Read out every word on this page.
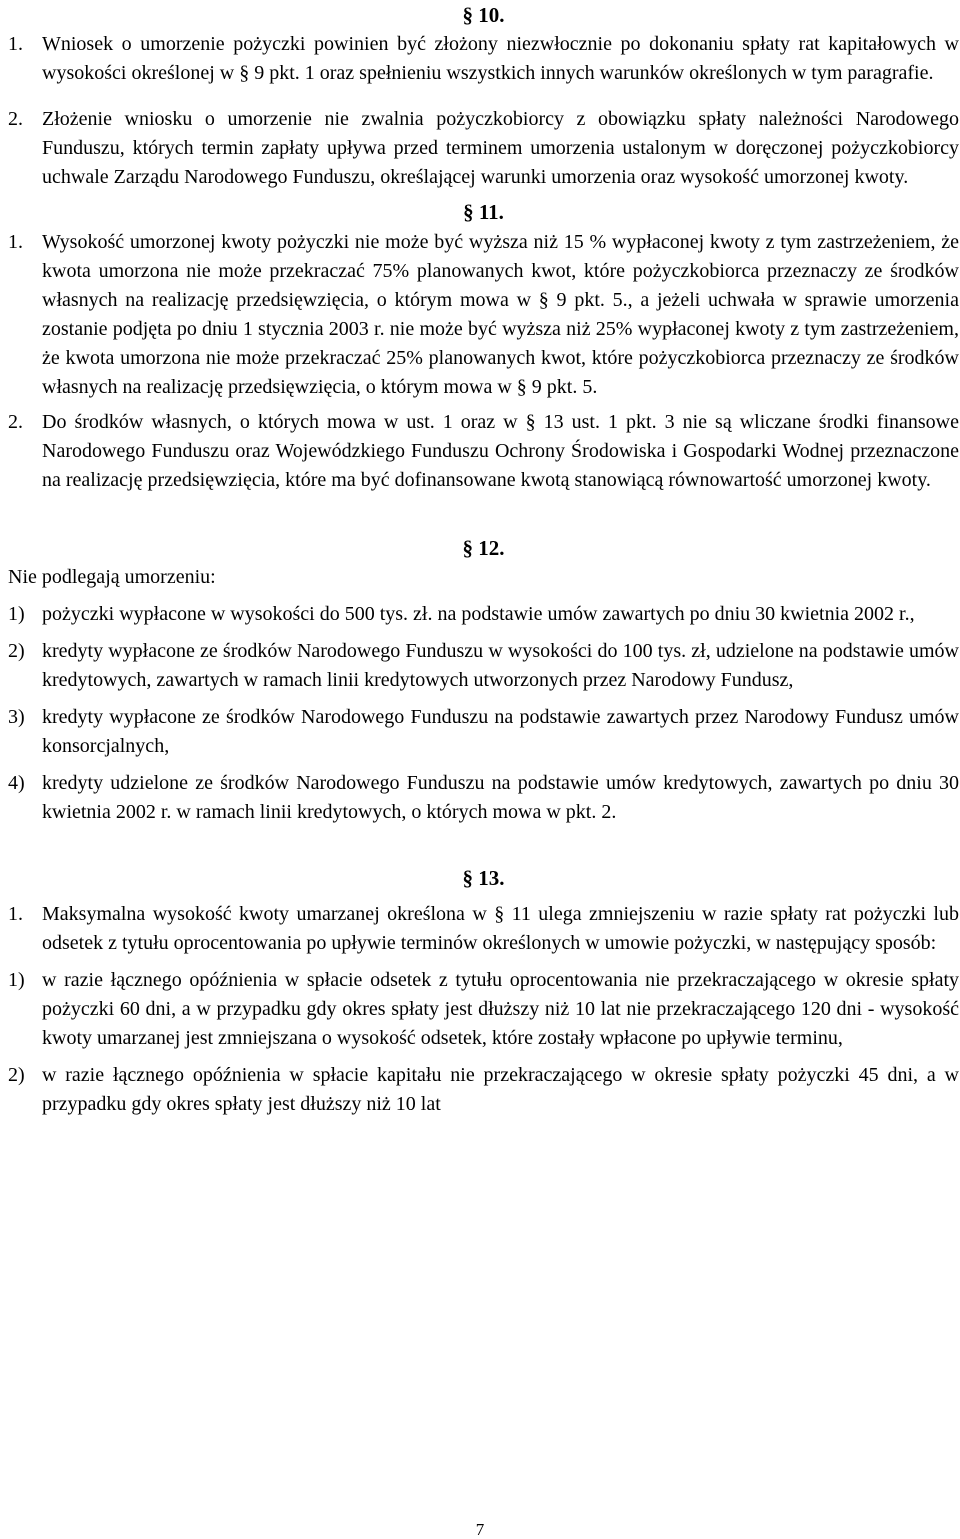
§ 10.
1. Wniosek o umorzenie pożyczki powinien być złożony niezwłocznie po dokonaniu spłaty rat kapitałowych w wysokości określonej w § 9 pkt. 1 oraz spełnieniu wszystkich innych warunków określonych w tym paragrafie.
2. Złożenie wniosku o umorzenie nie zwalnia pożyczkobiorcy z obowiązku spłaty należności Narodowego Funduszu, których termin zapłaty upływa przed terminem umorzenia ustalonym w doręczonej pożyczkobiorcy uchwale Zarządu Narodowego Funduszu, określającej warunki umorzenia oraz wysokość umorzonej kwoty.
§ 11.
1. Wysokość umorzonej kwoty pożyczki nie może być wyższa niż 15 % wypłaconej kwoty z tym zastrzeżeniem, że kwota umorzona nie może przekraczać 75% planowanych kwot, które pożyczkobiorca przeznaczy ze środków własnych na realizację przedsięwzięcia, o którym mowa w § 9 pkt. 5., a jeżeli uchwała w sprawie umorzenia zostanie podjęta po dniu 1 stycznia 2003 r. nie może być wyższa niż 25% wypłaconej kwoty z tym zastrzeżeniem, że kwota umorzona nie może przekraczać 25% planowanych kwot, które pożyczkobiorca przeznaczy ze środków własnych na realizację przedsięwzięcia, o którym mowa w § 9 pkt. 5.
2. Do środków własnych, o których mowa w ust. 1 oraz w § 13 ust. 1 pkt. 3 nie są wliczane środki finansowe Narodowego Funduszu oraz Wojewódzkiego Funduszu Ochrony Środowiska i Gospodarki Wodnej przeznaczone na realizację przedsięwzięcia, które ma być dofinansowane kwotą stanowiącą równowartość umorzonej kwoty.
§ 12.
Nie podlegają umorzeniu:
1) pożyczki wypłacone w wysokości do 500 tys. zł. na podstawie umów zawartych po dniu 30 kwietnia 2002 r.,
2) kredyty wypłacone ze środków Narodowego Funduszu w wysokości do 100 tys. zł, udzielone na podstawie umów kredytowych, zawartych w ramach linii kredytowych utworzonych przez Narodowy Fundusz,
3) kredyty wypłacone ze środków Narodowego Funduszu na podstawie zawartych przez Narodowy Fundusz umów konsorcjalnych,
4) kredyty udzielone ze środków Narodowego Funduszu na podstawie umów kredytowych, zawartych po dniu 30 kwietnia 2002 r. w ramach linii kredytowych, o których mowa w pkt. 2.
§ 13.
1. Maksymalna wysokość kwoty umarzanej określona w § 11 ulega zmniejszeniu w razie spłaty rat pożyczki lub odsetek z tytułu oprocentowania po upływie terminów określonych w umowie pożyczki, w następujący sposób:
1) w razie łącznego opóźnienia w spłacie odsetek z tytułu oprocentowania nie przekraczającego w okresie spłaty pożyczki 60 dni, a w przypadku gdy okres spłaty jest dłuższy niż 10 lat nie przekraczającego 120 dni - wysokość kwoty umarzanej jest zmniejszana o wysokość odsetek, które zostały wpłacone po upływie terminu,
2) w razie łącznego opóźnienia w spłacie kapitału nie przekraczającego w okresie spłaty pożyczki 45 dni, a w przypadku gdy okres spłaty jest dłuższy niż 10 lat
7
